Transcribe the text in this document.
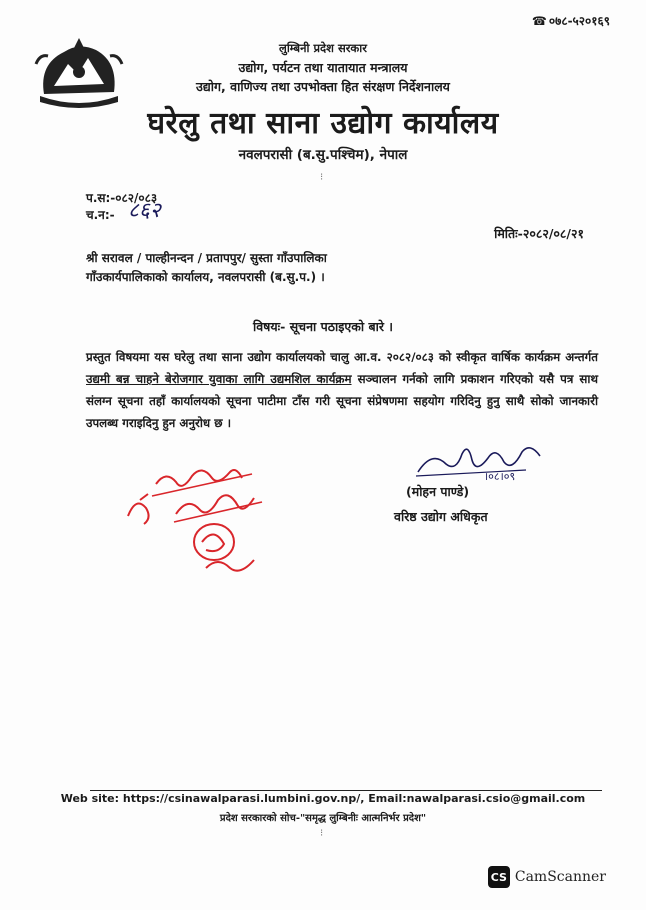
☎ ०७८-५२०१६९
लुम्बिनी प्रदेश सरकार
उद्योग, पर्यटन तथा यातायात मन्त्रालय
उद्योग, वाणिज्य तथा उपभोक्ता हित संरक्षण निर्देशनालय
घरेलु तथा साना उद्योग कार्यालय
नवलपरासी (ब.सु.पश्चिम), नेपाल
⁝
प.स:-०८२/०८३
च.न:- ८६२
मितिः-२०८२/०८/२१
श्री सरावल / पाल्हीनन्दन / प्रतापपुर/ सुस्ता गाँउपालिका
गाँउकार्यपालिकाको कार्यालय, नवलपरासी (ब.सु.प.) ।
विषयः- सूचना पठाइएको बारे ।
प्रस्तुत विषयमा यस घरेलु तथा साना उद्योग कार्यालयको चालु आ.व. २०८२/०८३ को स्वीकृत वार्षिक कार्यक्रम अन्तर्गत उद्यमी बन्न चाहने बेरोजगार युवाका लागि उद्यमशिल कार्यक्रम सञ्चालन गर्नको लागि प्रकाशन गरिएको यसै पत्र साथ संलग्न सूचना तहाँ कार्यालयको सूचना पाटीमा टाँस गरी सूचना संप्रेषणमा सहयोग गरिदिनु हुनु साथै सोको जानकारी उपलब्ध गराइदिनु हुन अनुरोध छ ।
।०८।०९
(मोहन पाण्डे)
वरिष्ठ उद्योग अधिकृत
Web site: https://csinawalparasi.lumbini.gov.np/, Email:nawalparasi.csio@gmail.com
प्रदेश सरकारको सोच-"समृद्ध लुम्बिनीः आत्मनिर्भर प्रदेश"
⁝
CS CamScanner
